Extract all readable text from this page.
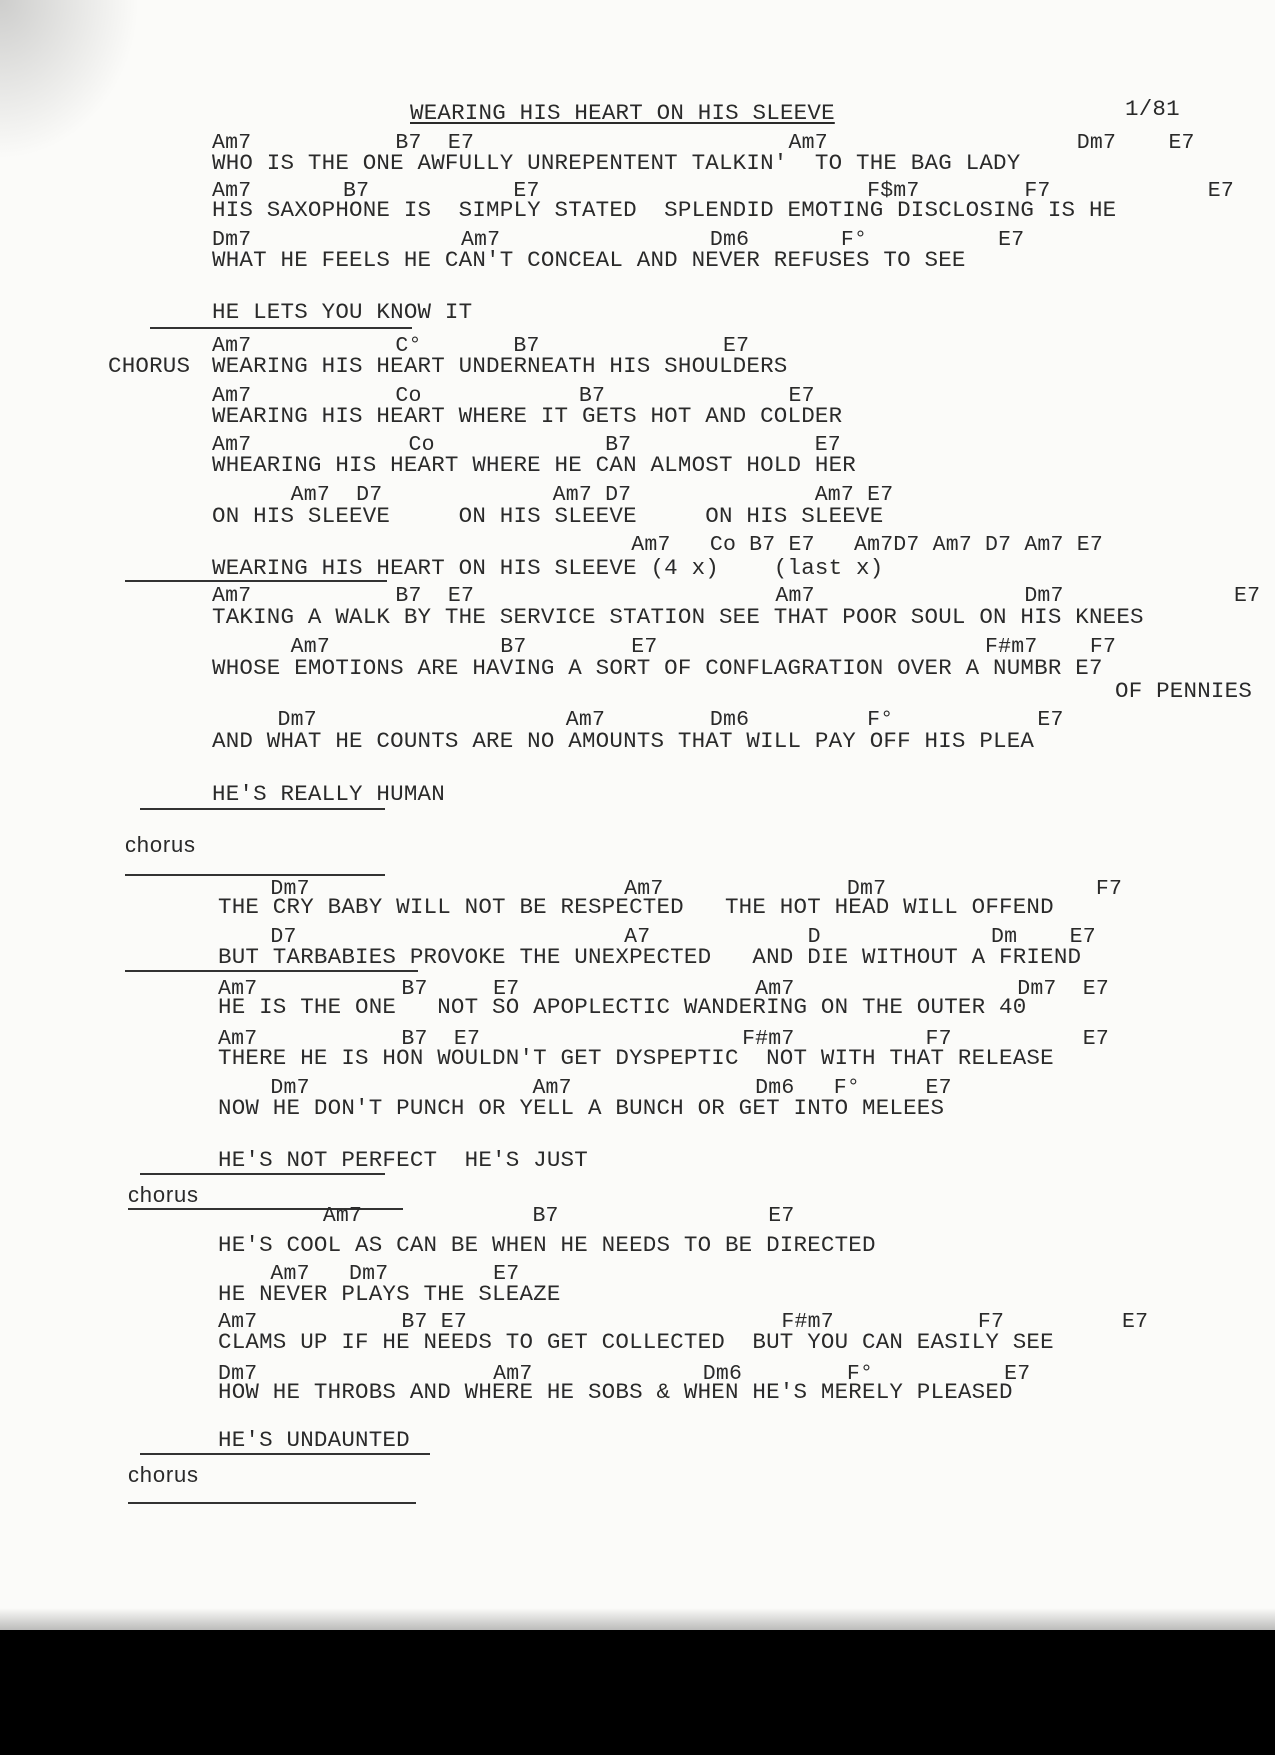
WEARING HIS HEART ON HIS SLEEVE	1/81
Am7           B7  E7                        Am7                   Dm7    E7
WHO IS THE ONE AWFULLY UNREPENTENT TALKIN'  TO THE BAG LADY
Am7       B7           E7                         F$m7        F7            E7
HIS SAXOPHONE IS  SIMPLY STATED  SPLENDID EMOTING DISCLOSING IS HE
Dm7                Am7                Dm6       F°          E7
WHAT HE FEELS HE CAN'T CONCEAL AND NEVER REFUSES TO SEE
HE LETS YOU KNOW IT
Am7           C°       B7              E7
CHORUS WEARING HIS HEART UNDERNEATH HIS SHOULDERS
Am7           Co            B7              E7
WEARING HIS HEART WHERE IT GETS HOT AND COLDER
Am7            Co             B7              E7
WHEARING HIS HEART WHERE HE CAN ALMOST HOLD HER
Am7  D7             Am7 D7              Am7 E7
ON HIS SLEEVE     ON HIS SLEEVE     ON HIS SLEEVE
Am7   Co B7 E7   Am7D7 Am7 D7 Am7 E7
WEARING HIS HEART ON HIS SLEEVE (4 x)    (last x)
Am7           B7  E7                       Am7                Dm7             E7
TAKING A WALK BY THE SERVICE STATION SEE THAT POOR SOUL ON HIS KNEES
Am7             B7        E7                         F#m7    F7
WHOSE EMOTIONS ARE HAVING A SORT OF CONFLAGRATION OVER A NUMBR E7
OF PENNIES
Dm7                   Am7        Dm6         F°           E7
AND WHAT HE COUNTS ARE NO AMOUNTS THAT WILL PAY OFF HIS PLEA
HE'S REALLY HUMAN
chorus
Dm7                        Am7              Dm7                F7
THE CRY BABY WILL NOT BE RESPECTED   THE HOT HEAD WILL OFFEND
D7                         A7            D             Dm    E7
BUT TARBABIES PROVOKE THE UNEXPECTED   AND DIE WITHOUT A FRIEND
Am7           B7     E7                  Am7                 Dm7  E7
HE IS THE ONE   NOT SO APOPLECTIC WANDERING ON THE OUTER 40
Am7           B7  E7                    F#m7          F7          E7
THERE HE IS HON WOULDN'T GET DYSPEPTIC  NOT WITH THAT RELEASE
Dm7                 Am7              Dm6   F°     E7
NOW HE DON'T PUNCH OR YELL A BUNCH OR GET INTO MELEES
HE'S NOT PERFECT  HE'S JUST
chorus
Am7             B7                E7
HE'S COOL AS CAN BE WHEN HE NEEDS TO BE DIRECTED
Am7   Dm7        E7
HE NEVER PLAYS THE SLEAZE
Am7           B7 E7                        F#m7           F7         E7
CLAMS UP IF HE NEEDS TO GET COLLECTED  BUT YOU CAN EASILY SEE
Dm7                  Am7             Dm6        F°          E7
HOW HE THROBS AND WHERE HE SOBS & WHEN HE'S MERELY PLEASED
HE'S UNDAUNTED
chorus
